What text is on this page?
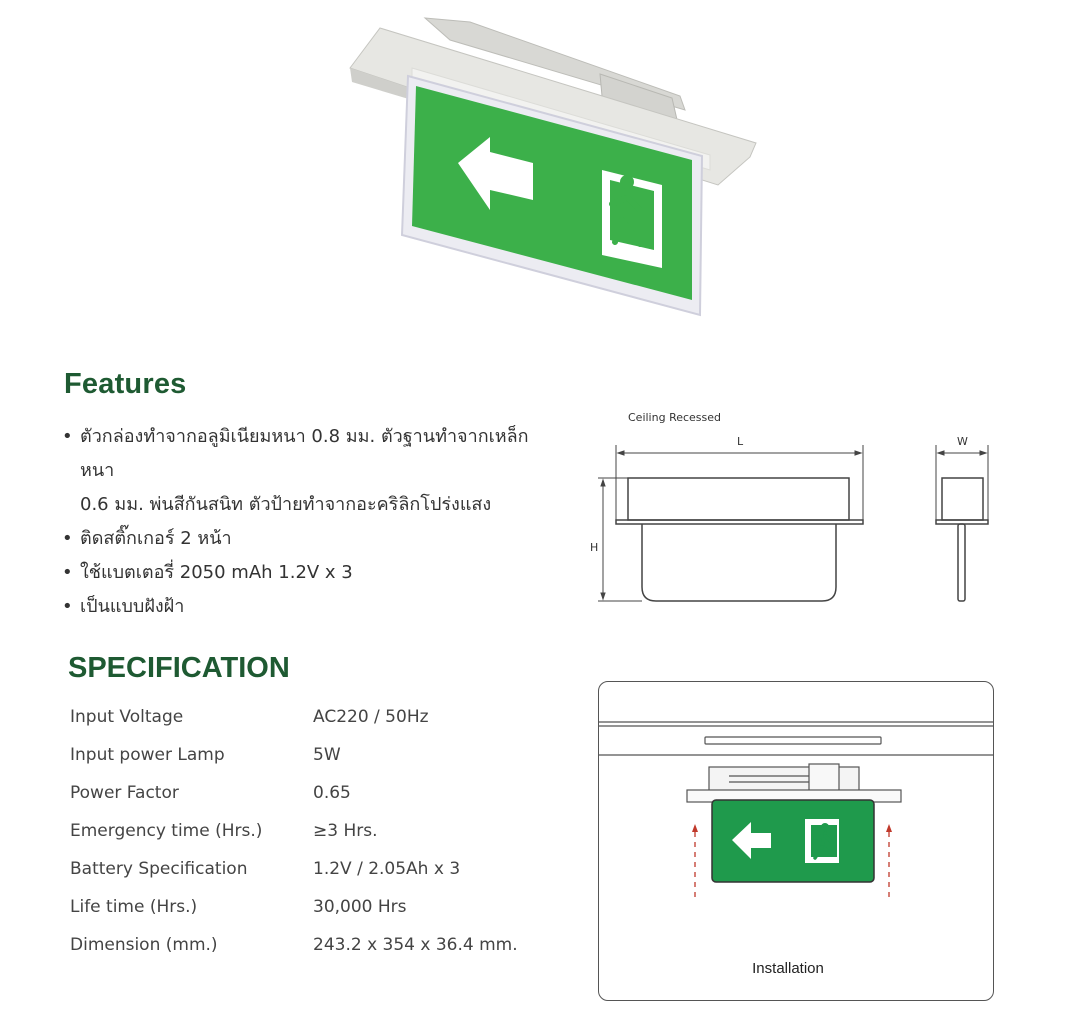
Features
• ตัวกล่องทำจากอลูมิเนียมหนา 0.8 มม. ตัวฐานทำจากเหล็กหนา
0.6 มม. พ่นสีกันสนิท ตัวป้ายทำจากอะคริลิกโปร่งแสง
• ติดสติ๊กเกอร์ 2 หน้า
• ใช้แบตเตอรี่ 2050 mAh 1.2V x 3
• เป็นแบบฝังฝ้า
Ceiling Recessed
L
H
W
SPECIFICATION
Input Voltage	AC220 / 50Hz
Input power Lamp	5W
Power Factor	0.65
Emergency time (Hrs.)	≥3 Hrs.
Battery Specification	1.2V / 2.05Ah x 3
Life time (Hrs.)	30,000 Hrs
Dimension (mm.)	243.2 x 354 x 36.4 mm.
Installation
